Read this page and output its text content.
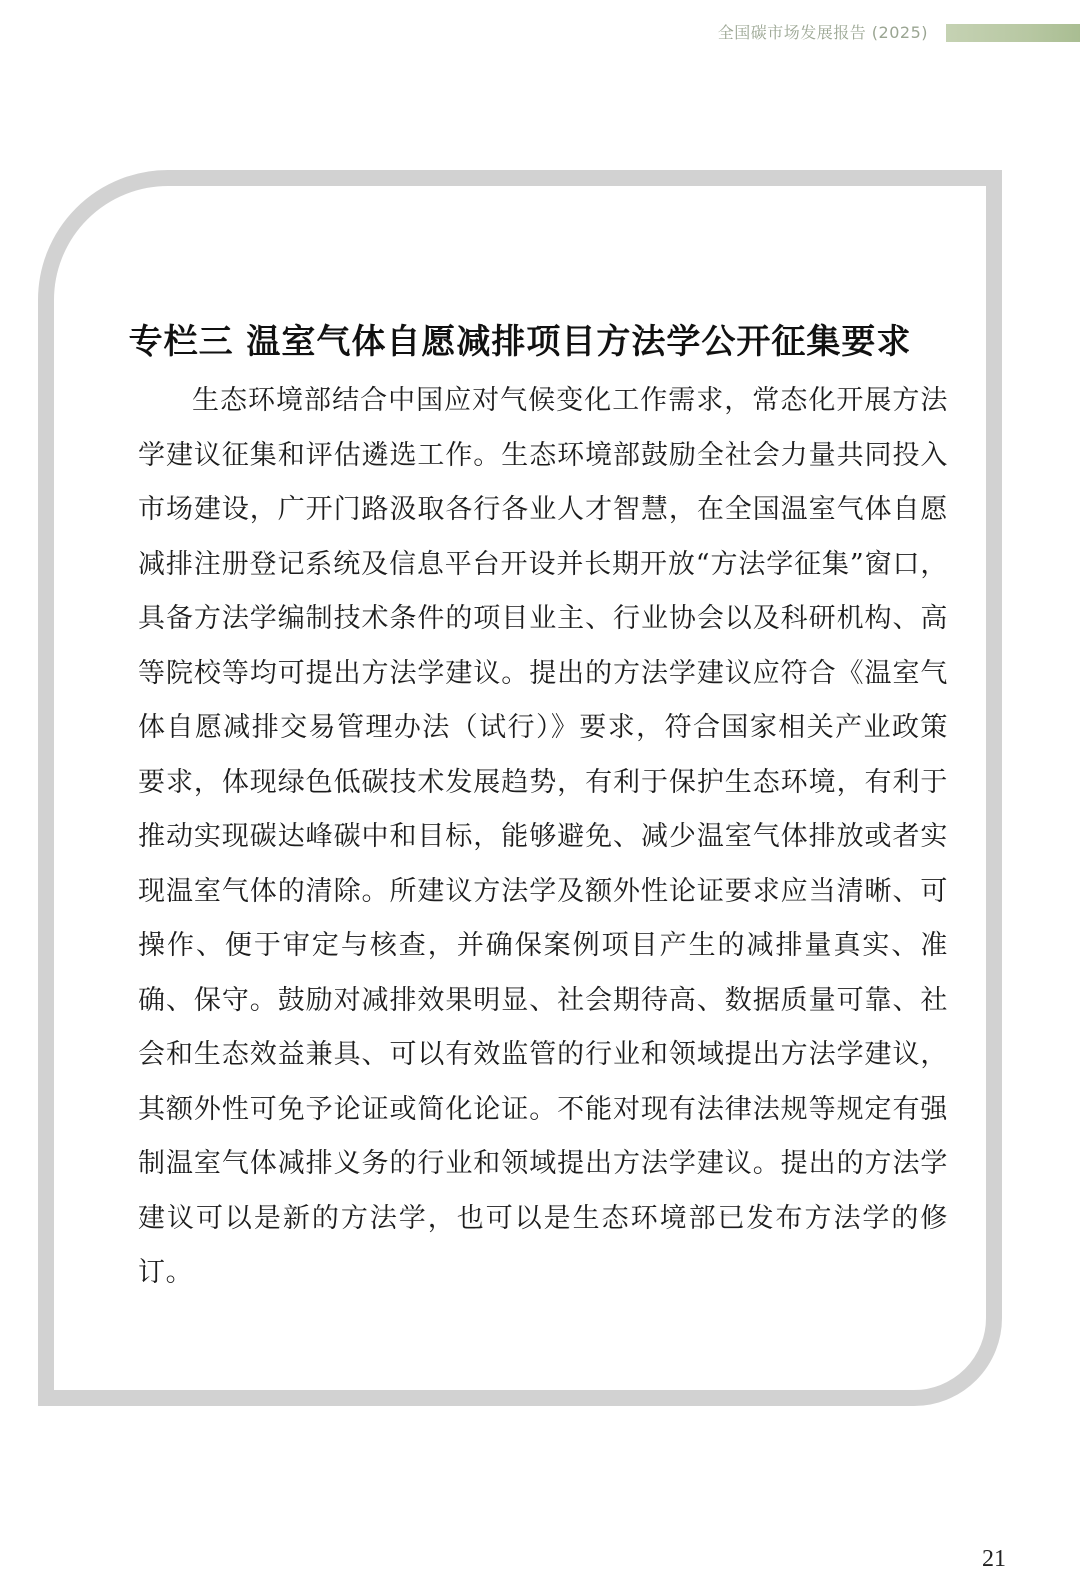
全国碳市场发展报告 (2025)
专栏三 温室气体自愿减排项目方法学公开征集要求

生态环境部结合中国应对气候变化工作需求，常态化开展方法学建议征集和评估遴选工作。生态环境部鼓励全社会力量共同投入市场建设，广开门路汲取各行各业人才智慧，在全国温室气体自愿减排注册登记系统及信息平台开设并长期开放“方法学征集”窗口，具备方法学编制技术条件的项目业主、行业协会以及科研机构、高等院校等均可提出方法学建议。提出的方法学建议应符合《温室气体自愿减排交易管理办法（试行）》要求，符合国家相关产业政策要求，体现绿色低碳技术发展趋势，有利于保护生态环境，有利于推动实现碳达峰碳中和目标，能够避免、减少温室气体排放或者实现温室气体的清除。所建议方法学及额外性论证要求应当清晰、可操作、便于审定与核查，并确保案例项目产生的减排量真实、准确、保守。鼓励对减排效果明显、社会期待高、数据质量可靠、社会和生态效益兼具、可以有效监管的行业和领域提出方法学建议，其额外性可免予论证或简化论证。不能对现有法律法规等规定有强制温室气体减排义务的行业和领域提出方法学建议。提出的方法学建议可以是新的方法学，也可以是生态环境部已发布方法学的修订。

21
